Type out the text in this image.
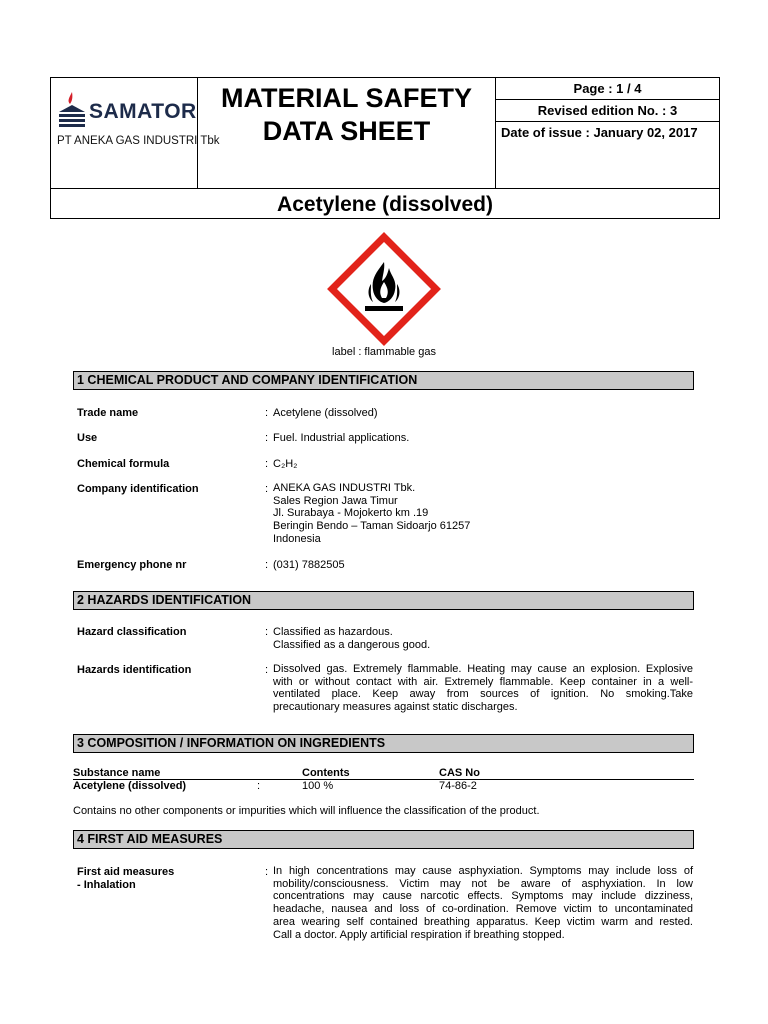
SAMATOR
PT ANEKA GAS INDUSTRI Tbk
MATERIAL SAFETY
DATA SHEET
Page : 1 / 4
Revised edition No. : 3
Date of issue : January 02, 2017
Acetylene (dissolved)
label : flammable gas
1 CHEMICAL PRODUCT AND COMPANY IDENTIFICATION
Trade name	: Acetylene (dissolved)
Use	: Fuel. Industrial applications.
Chemical formula	: C₂H₂
Company identification	: ANEKA GAS INDUSTRI Tbk.
Sales Region Jawa Timur
Jl. Surabaya - Mojokerto km .19
Beringin Bendo – Taman Sidoarjo 61257
Indonesia
Emergency phone nr	: (031) 7882505
2 HAZARDS IDENTIFICATION
Hazard classification	: Classified as hazardous.
Classified as a dangerous good.
Hazards identification	: Dissolved gas. Extremely flammable. Heating may cause an explosion. Explosive
with or without contact with air. Extremely flammable. Keep container in a well-
ventilated place. Keep away from sources of ignition. No smoking.Take
precautionary measures against static discharges.
3 COMPOSITION / INFORMATION ON INGREDIENTS
Substance name	Contents	CAS No
Acetylene (dissolved)	:	100 %	74-86-2
Contains no other components or impurities which will influence the classification of the product.
4 FIRST AID MEASURES
First aid measures
- Inhalation
: In high concentrations may cause asphyxiation. Symptoms may include loss of
mobility/consciousness. Victim may not be aware of asphyxiation. In low
concentrations may cause narcotic effects. Symptoms may include dizziness,
headache, nausea and loss of co-ordination. Remove victim to uncontaminated
area wearing self contained breathing apparatus. Keep victim warm and rested.
Call a doctor. Apply artificial respiration if breathing stopped.
